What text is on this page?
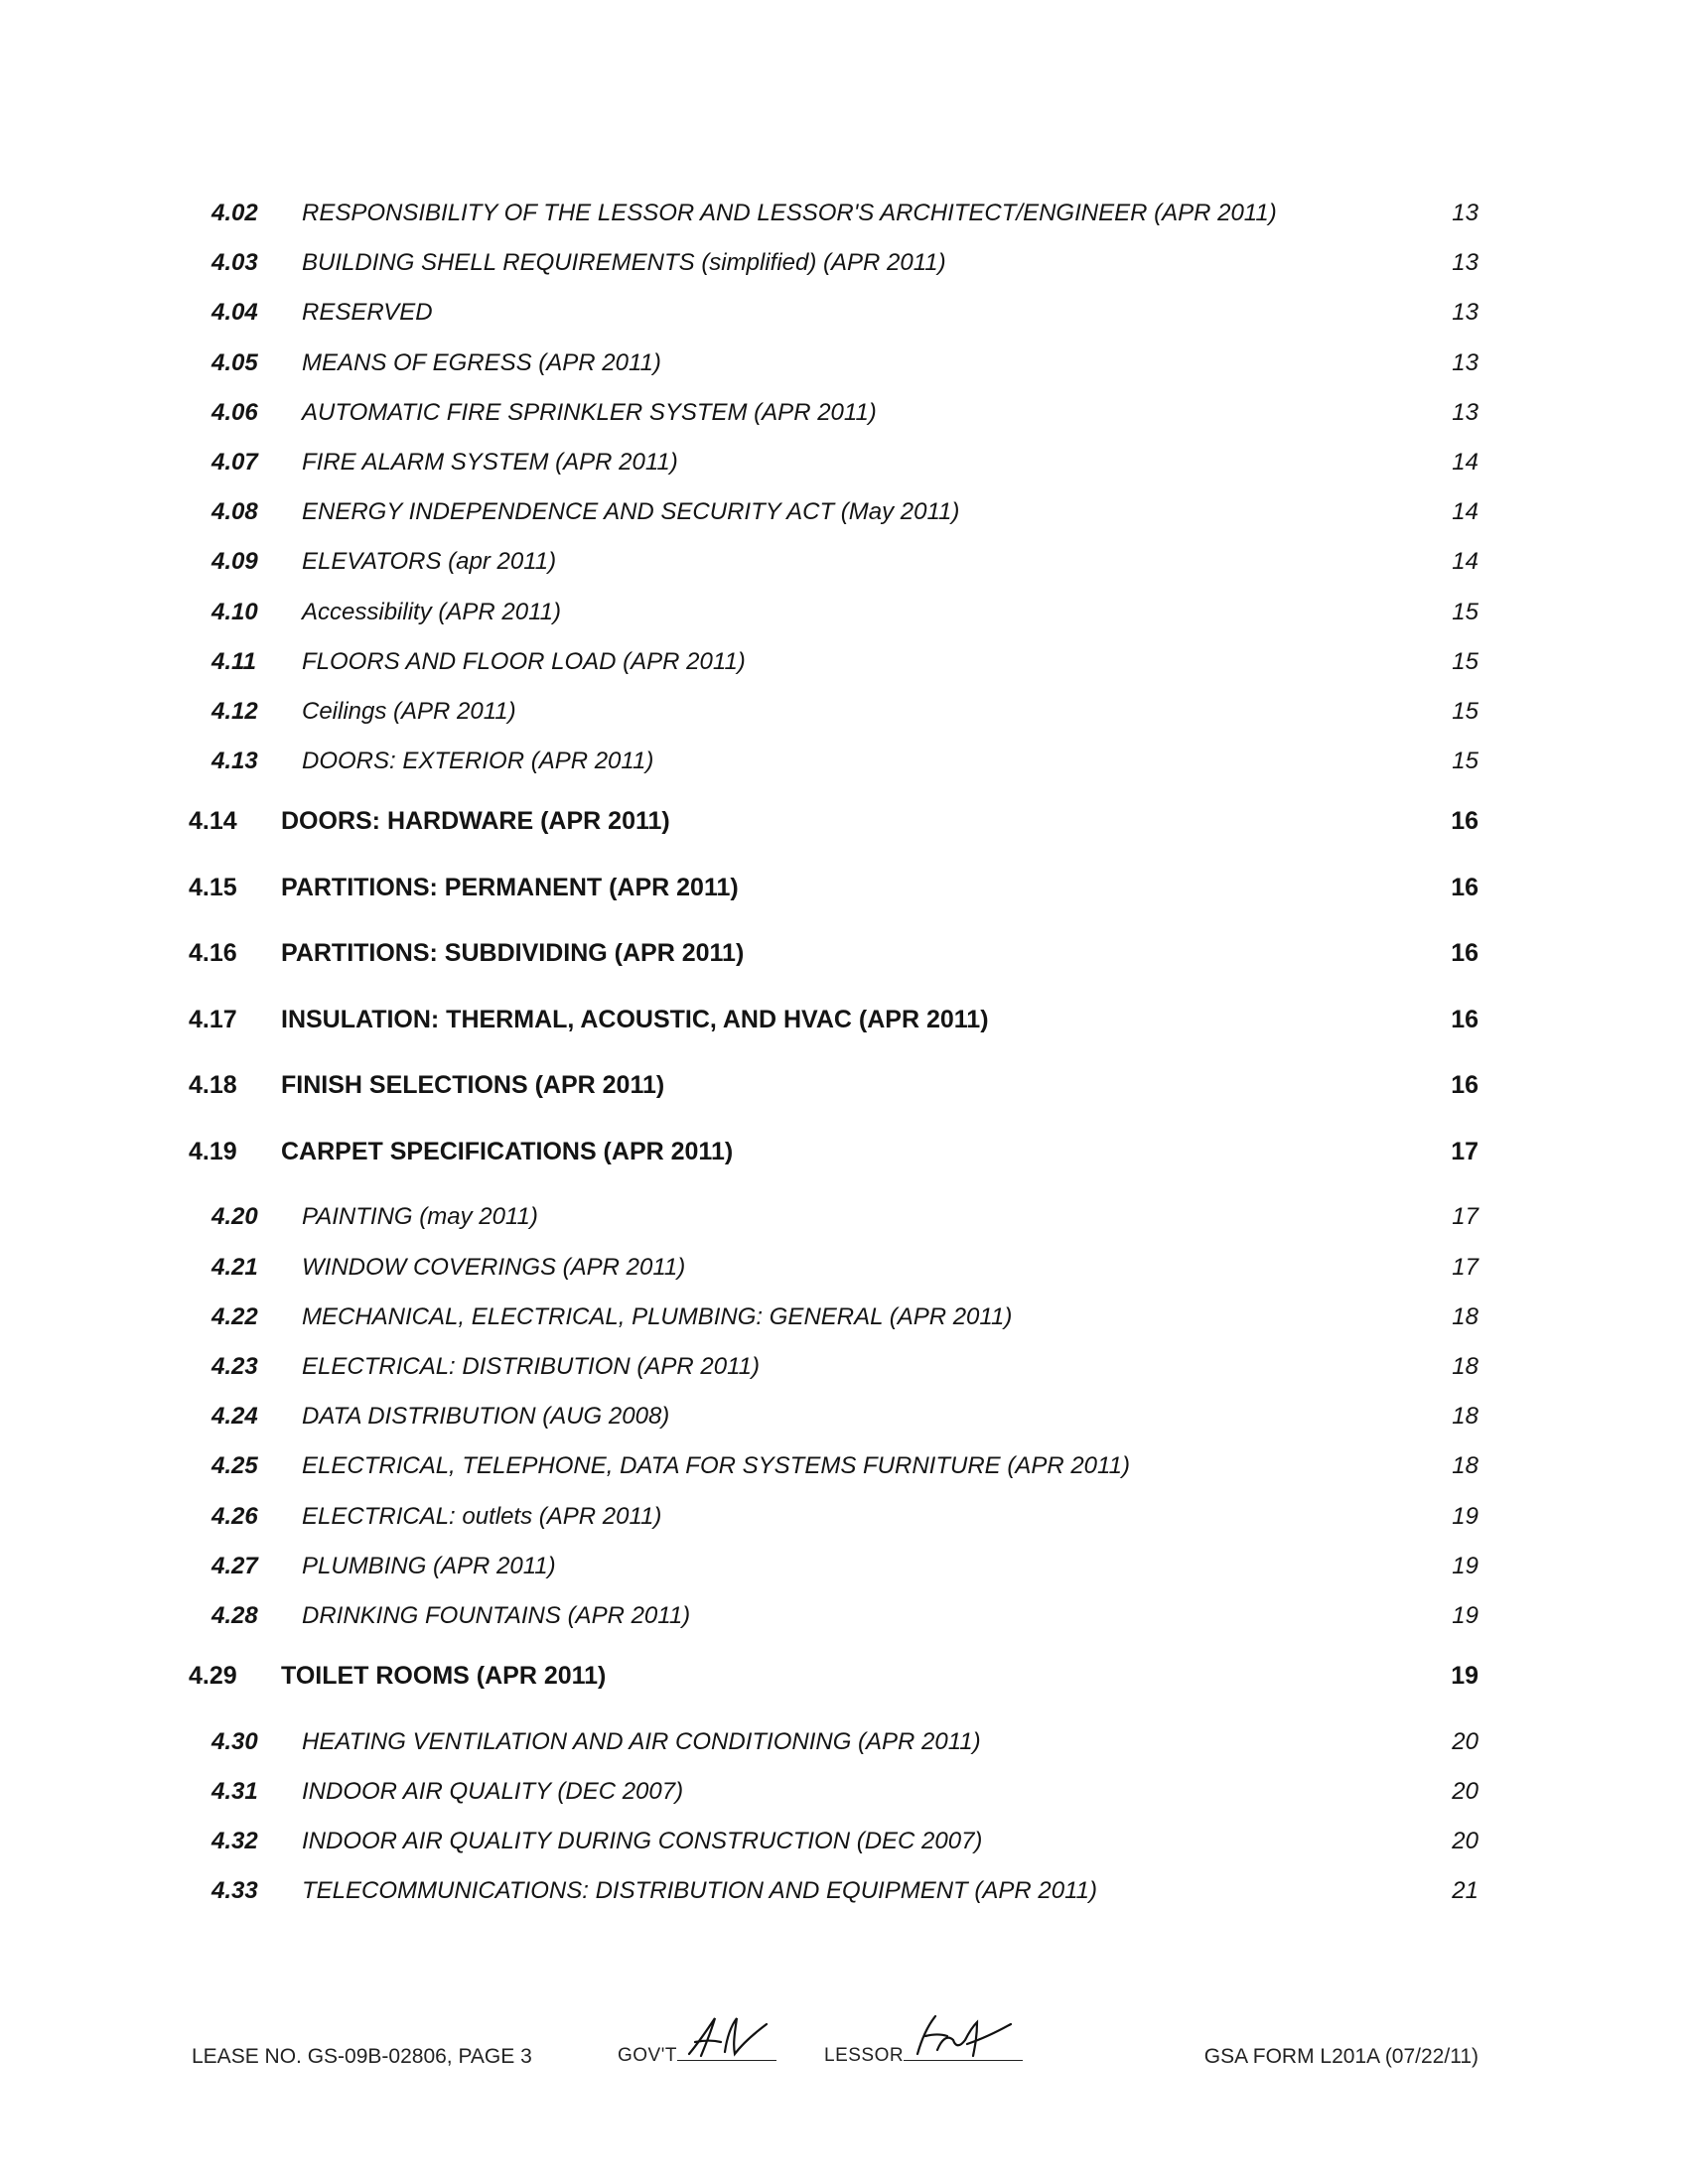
4.02 RESPONSIBILITY OF THE LESSOR AND LESSOR'S ARCHITECT/ENGINEER (APR 2011)	13
4.03 BUILDING SHELL REQUIREMENTS (simplified) (APR 2011)	13
4.04 RESERVED	13
4.05 MEANS OF EGRESS (APR 2011)	13
4.06 AUTOMATIC FIRE SPRINKLER SYSTEM (APR 2011)	13
4.07 FIRE ALARM SYSTEM (APR 2011)	14
4.08 ENERGY INDEPENDENCE AND SECURITY ACT (May 2011)	14
4.09 ELEVATORS (apr 2011)	14
4.10 Accessibility (APR 2011)	15
4.11 FLOORS AND FLOOR LOAD (APR 2011)	15
4.12 Ceilings (APR 2011)	15
4.13 DOORS: EXTERIOR (APR 2011)	15
4.14 DOORS: HARDWARE (APR 2011)	16
4.15 PARTITIONS: PERMANENT (APR 2011)	16
4.16 PARTITIONS: SUBDIVIDING (APR 2011)	16
4.17 INSULATION: THERMAL, ACOUSTIC, AND HVAC (APR 2011)	16
4.18 FINISH SELECTIONS (APR 2011)	16
4.19 CARPET SPECIFICATIONS (APR 2011)	17
4.20 PAINTING (may 2011)	17
4.21 WINDOW COVERINGS (APR 2011)	17
4.22 MECHANICAL, ELECTRICAL, PLUMBING: GENERAL (APR 2011)	18
4.23 ELECTRICAL: DISTRIBUTION (APR 2011)	18
4.24 DATA DISTRIBUTION (AUG 2008)	18
4.25 ELECTRICAL, TELEPHONE, DATA FOR SYSTEMS FURNITURE (APR 2011)	18
4.26 ELECTRICAL: outlets (APR 2011)	19
4.27 PLUMBING (APR 2011)	19
4.28 DRINKING FOUNTAINS (APR 2011)	19
4.29 TOILET ROOMS (APR 2011)	19
4.30 HEATING VENTILATION AND AIR CONDITIONING (APR 2011)	20
4.31 INDOOR AIR QUALITY (DEC 2007)	20
4.32 INDOOR AIR QUALITY DURING CONSTRUCTION (DEC 2007)	20
4.33 TELECOMMUNICATIONS: DISTRIBUTION AND EQUIPMENT (APR 2011)	21
LEASE NO. GS-09B-02806, PAGE 3	GOV'T	LESSOR	GSA FORM L201A (07/22/11)
